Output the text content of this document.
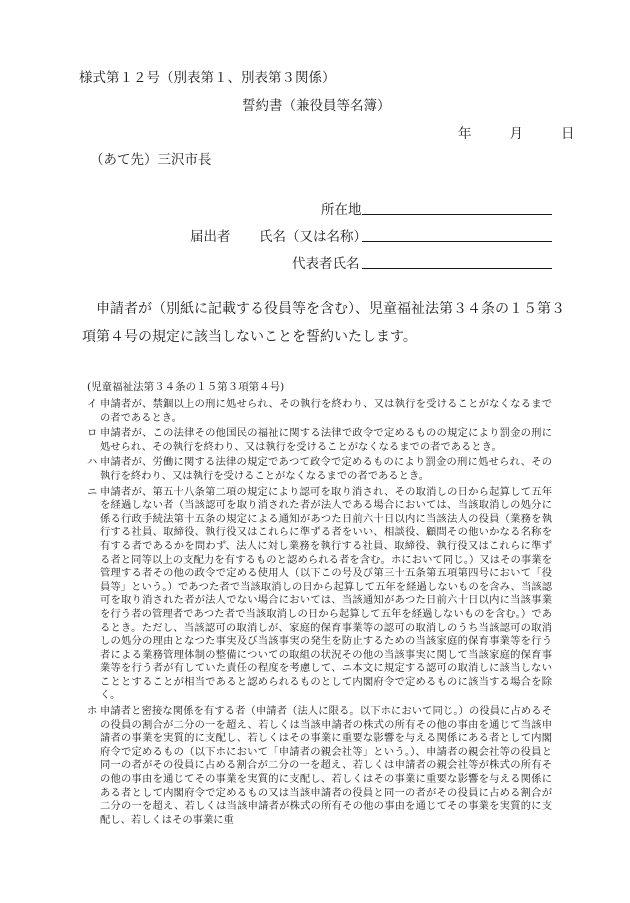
様式第１２号（別表第１、別表第３関係）
誓約書（兼役員等名簿）
年	月	日
（あて先）三沢市長
所在地
届出者 氏名（又は名称）
代表者氏名
申請者が（別紙に記載する役員等を含む）、児童福祉法第３４条の１５第３項第４号の規定に該当しないことを誓約いたします。
(児童福祉法第３４条の１５第３項第４号)
イ 申請者が、禁錮以上の刑に処せられ、その執行を終わり、又は執行を受けることがなくなるまでの者であるとき。
ロ 申請者が、この法律その他国民の福祉に関する法律で政令で定めるものの規定により罰金の刑に処せられ、その執行を終わり、又は執行を受けることがなくなるまでの者であるとき。
ハ 申請者が、労働に関する法律の規定であつて政令で定めるものにより罰金の刑に処せられ、その執行を終わり、又は執行を受けることがなくなるまでの者であるとき。
ニ 申請者が、第五十八条第二項の規定により認可を取り消され、その取消しの日から起算して五年を経過しない者（当該認可を取り消された者が法人である場合においては、当該取消しの処分に係る行政手続法第十五条の規定による通知があつた日前六十日以内に当該法人の役員（業務を執行する社員、取締役、執行役又はこれらに準ずる者をいい、相談役、顧問その他いかなる名称を有する者であるかを問わず、法人に対し業務を執行する社員、取締役、執行役又はこれらに準ずる者と同等以上の支配力を有するものと認められる者を含む。ホにおいて同じ。）又はその事業を管理する者その他の政令で定める使用人（以下この号及び第三十五条第五項第四号において「役員等」という。）であつた者で当該取消しの日から起算して五年を経過しないものを含み、当該認可を取り消された者が法人でない場合においては、当該通知があつた日前六十日以内に当該事業を行う者の管理者であつた者で当該取消しの日から起算して五年を経過しないものを含む。）であるとき。ただし、当該認可の取消しが、家庭的保育事業等の認可の取消しのうち当該認可の取消しの処分の理由となつた事実及び当該事実の発生を防止するための当該家庭的保育事業等を行う者による業務管理体制の整備についての取組の状況その他の当該事実に関して当該家庭的保育事業等を行う者が有していた責任の程度を考慮して、ニ本文に規定する認可の取消しに該当しないこととすることが相当であると認められるものとして内閣府令で定めるものに該当する場合を除く。
ホ 申請者と密接な関係を有する者（申請者（法人に限る。以下ホにおいて同じ。）の役員に占めるその役員の割合が二分の一を超え、若しくは当該申請者の株式の所有その他の事由を通じて当該申請者の事業を実質的に支配し、若しくはその事業に重要な影響を与える関係にある者として内閣府令で定めるもの（以下ホにおいて「申請者の親会社等」という。）、申請者の親会社等の役員と同一の者がその役員に占める割合が二分の一を超え、若しくは申請者の親会社等が株式の所有その他の事由を通じてその事業を実質的に支配し、若しくはその事業に重要な影響を与える関係にある者として内閣府令で定めるもの又は当該申請者の役員と同一の者がその役員に占める割合が二分の一を超え、若しくは当該申請者が株式の所有その他の事由を通じてその事業を実質的に支配し、若しくはその事業に重
